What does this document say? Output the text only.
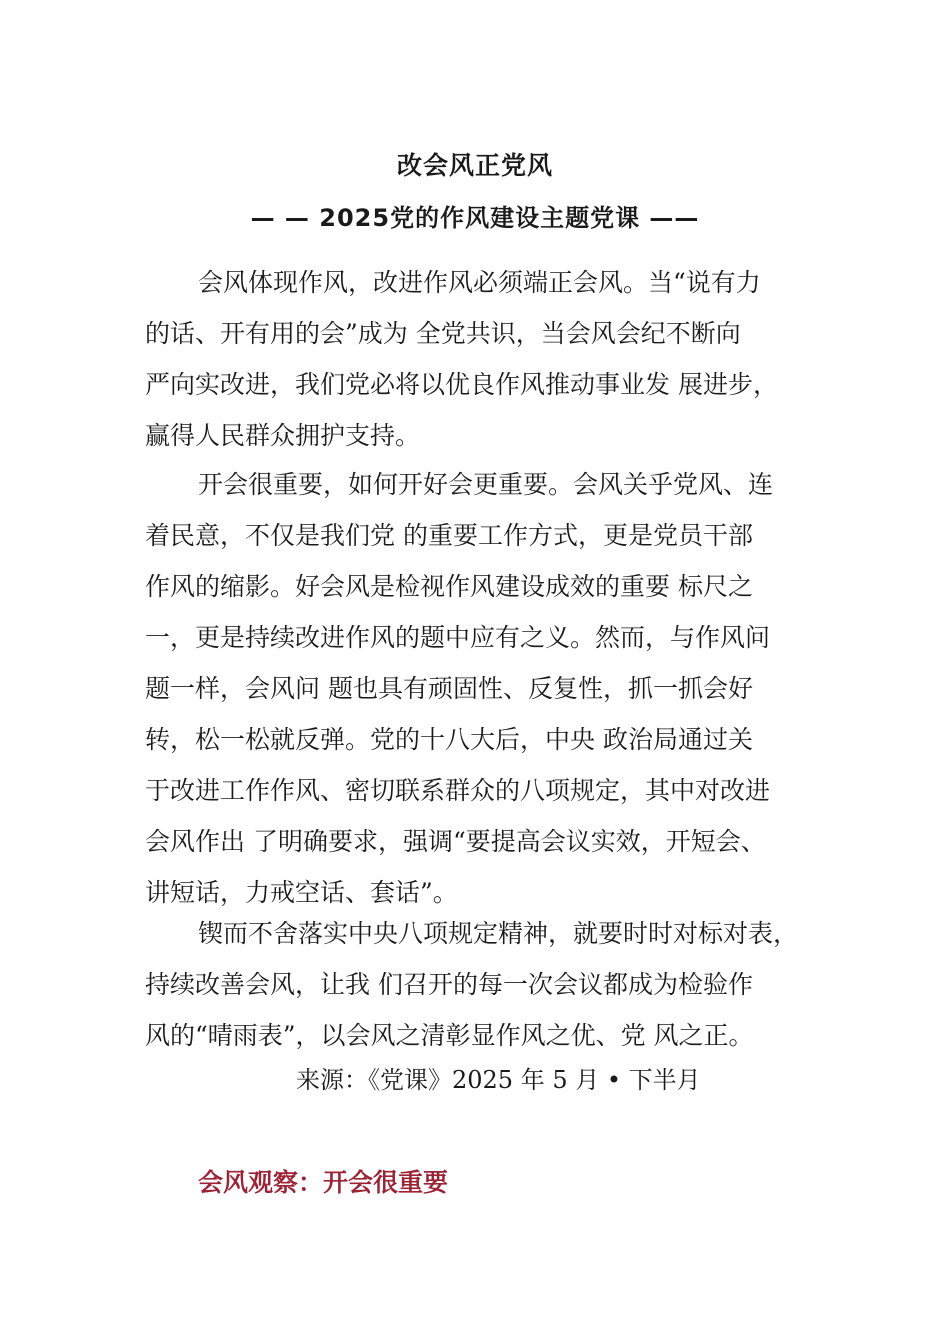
改会风正党风
— — 2025党的作风建设主题党课 ——

会风体现作风，改进作风必须端正会风。当“说有力
的话、开有用的会”成为 全党共识，当会风会纪不断向
严向实改进，我们党必将以优良作风推动事业发 展进步，
赢得人民群众拥护支持。

开会很重要，如何开好会更重要。会风关乎党风、连
着民意，不仅是我们党 的重要工作方式，更是党员干部
作风的缩影。好会风是检视作风建设成效的重要 标尺之
一，更是持续改进作风的题中应有之义。然而，与作风问
题一样，会风问 题也具有顽固性、反复性，抓一抓会好
转，松一松就反弹。党的十八大后，中央 政治局通过关
于改进工作作风、密切联系群众的八项规定，其中对改进
会风作出 了明确要求，强调“要提高会议实效，开短会、
讲短话，力戒空话、套话”。

锲而不舍落实中央八项规定精神，就要时时对标对表，
持续改善会风，让我 们召开的每一次会议都成为检验作
风的“晴雨表”，以会风之清彰显作风之优、党 风之正。

来源：《党课》2025 年 5 月 • 下半月
会风观察：开会很重要
